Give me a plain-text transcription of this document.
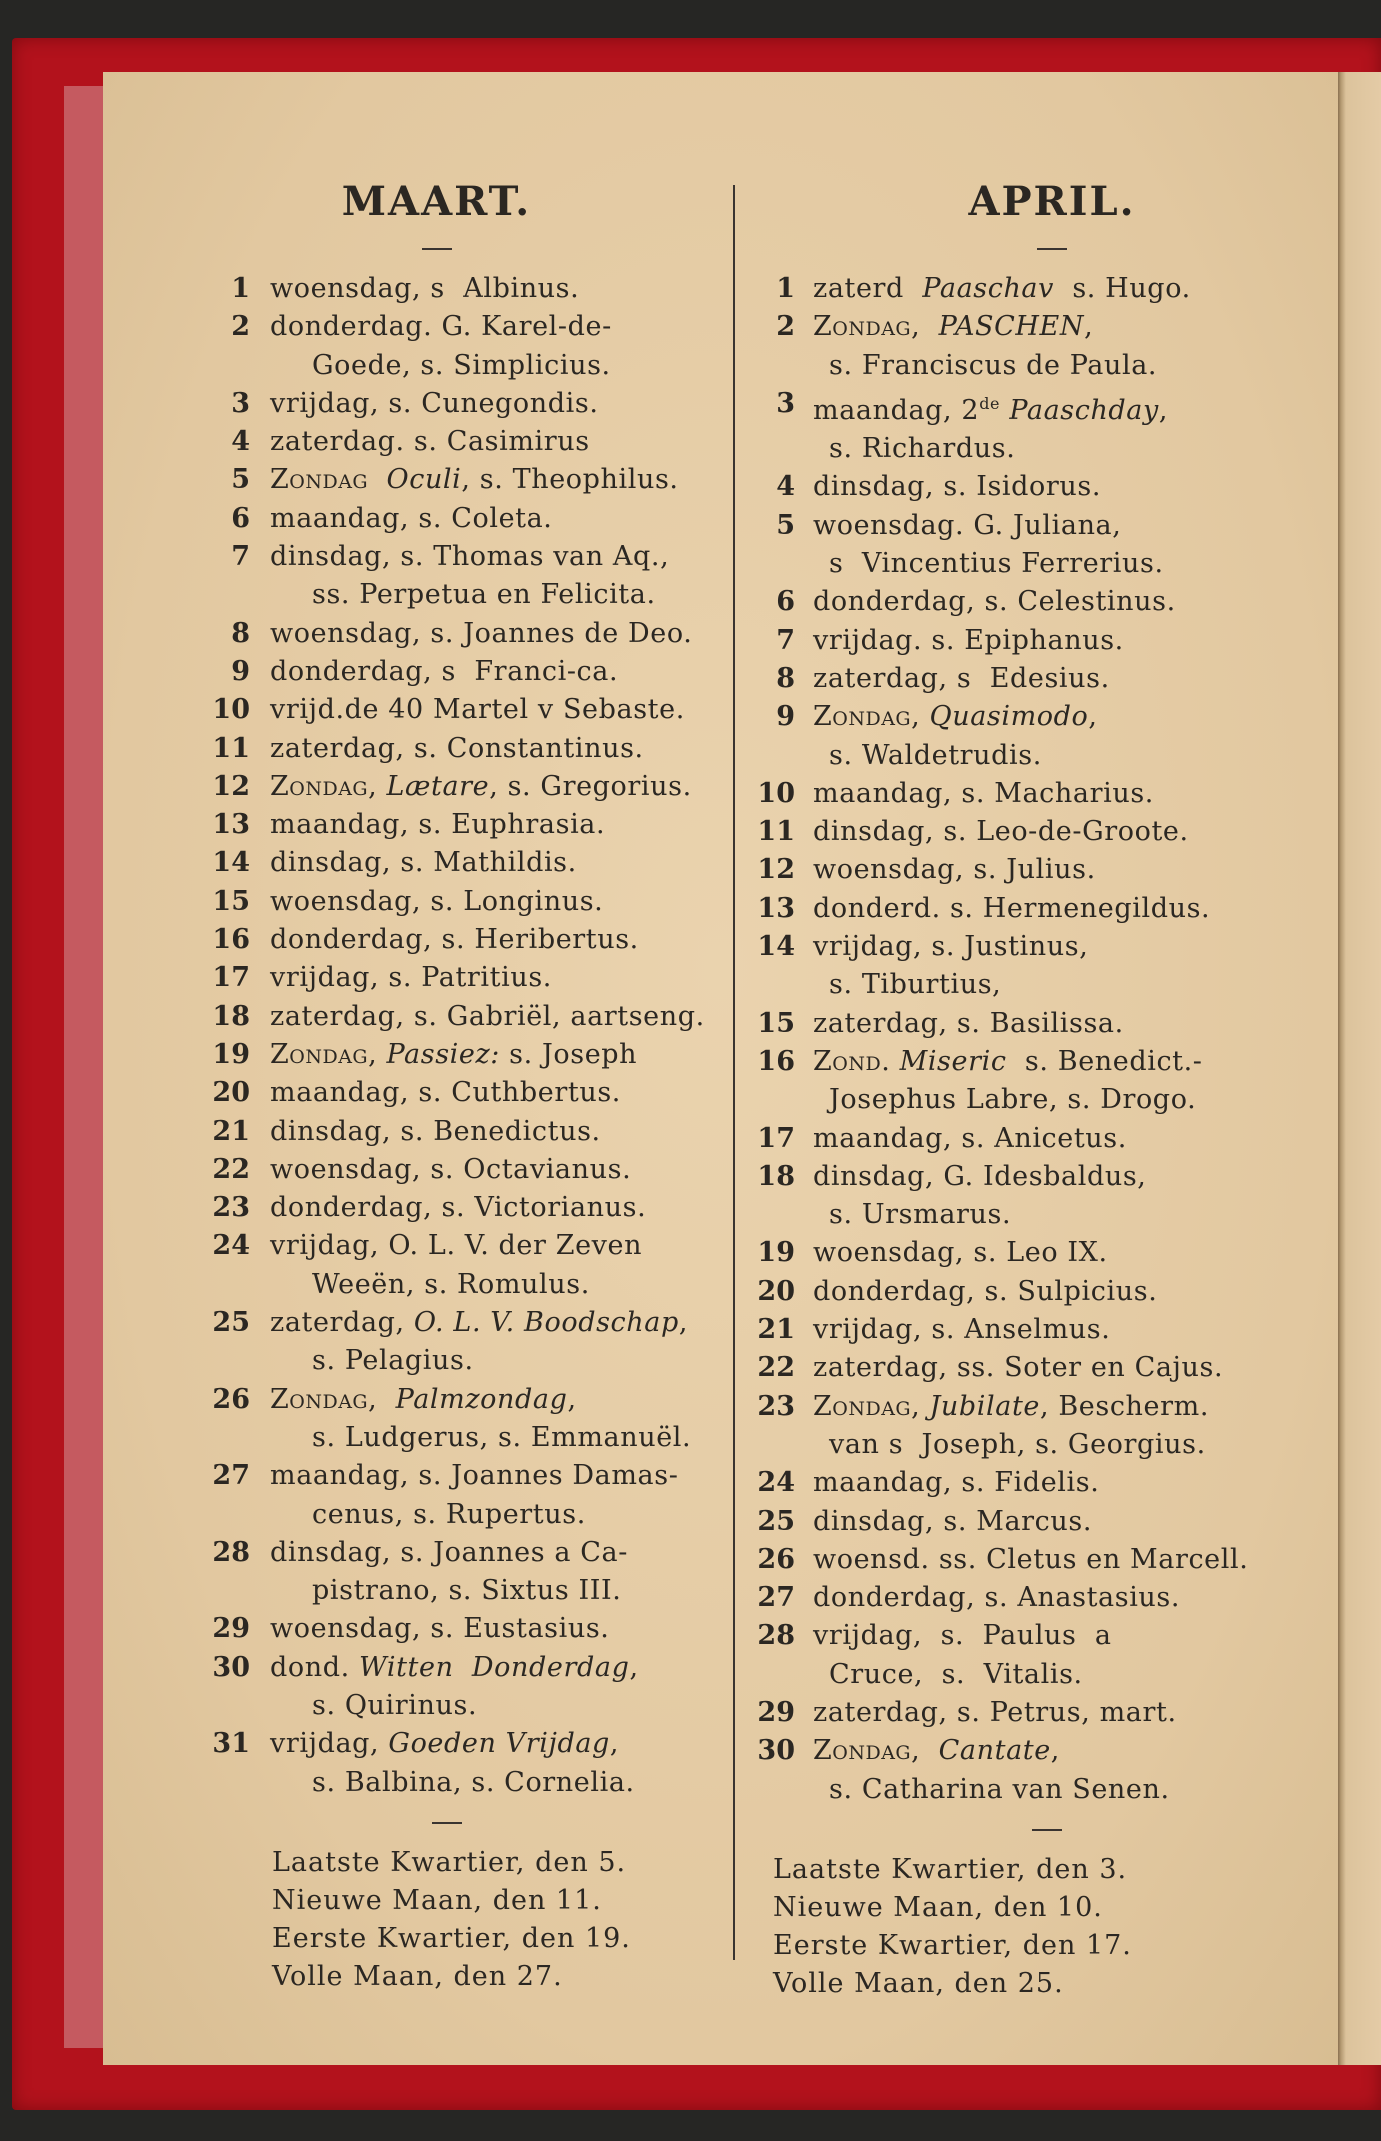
MAART.
1 woensdag, s  Albinus.
2 donderdag. G. Karel-de-
Goede, s. Simplicius.
3 vrijdag, s. Cunegondis.
4 zaterdag. s. Casimirus
5 Zondag Oculi, s. Theophilus.
6 maandag, s. Coleta.
7 dinsdag, s. Thomas van Aq.,
ss. Perpetua en Felicita.
8 woensdag, s. Joannes de Deo.
9 donderdag, s  Franci-ca.
10 vrijd.de 40 Martel v Sebaste.
11 zaterdag, s. Constantinus.
12 Zondag, Lætare, s. Gregorius.
13 maandag, s. Euphrasia.
14 dinsdag, s. Mathildis.
15 woensdag, s. Longinus.
16 donderdag, s. Heribertus.
17 vrijdag, s. Patritius.
18 zaterdag, s. Gabriël, aartseng.
19 Zondag, Passiez: s. Joseph
20 maandag, s. Cuthbertus.
21 dinsdag, s. Benedictus.
22 woensdag, s. Octavianus.
23 donderdag, s. Victorianus.
24 vrijdag, O. L. V. der Zeven
Weeën, s. Romulus.
25 zaterdag, O. L. V. Boodschap,
s. Pelagius.
26 Zondag,  Palmzondag,
s. Ludgerus, s. Emmanuël.
27 maandag, s. Joannes Damas-
cenus, s. Rupertus.
28 dinsdag, s. Joannes a Ca-
pistrano, s. Sixtus III.
29 woensdag, s. Eustasius.
30 dond. Witten  Donderdag,
s. Quirinus.
31 vrijdag, Goeden Vrijdag,
s. Balbina, s. Cornelia.
Laatste Kwartier, den 5.
Nieuwe Maan, den 11.
Eerste Kwartier, den 19.
Volle Maan, den 27.
APRIL.
1 zaterd  Paaschav  s. Hugo.
2 Zondag,  PASCHEN,
s. Franciscus de Paula.
3 maandag, 2de Paaschday,
s. Richardus.
4 dinsdag, s. Isidorus.
5 woensdag. G. Juliana,
s  Vincentius Ferrerius.
6 donderdag, s. Celestinus.
7 vrijdag. s. Epiphanus.
8 zaterdag, s  Edesius.
9 Zondag, Quasimodo,
s. Waldetrudis.
10 maandag, s. Macharius.
11 dinsdag, s. Leo-de-Groote.
12 woensdag, s. Julius.
13 donderd. s. Hermenegildus.
14 vrijdag, s. Justinus,
s. Tiburtius,
15 zaterdag, s. Basilissa.
16 Zond. Miseric  s. Benedict.-
Josephus Labre, s. Drogo.
17 maandag, s. Anicetus.
18 dinsdag, G. Idesbaldus,
s. Ursmarus.
19 woensdag, s. Leo IX.
20 donderdag, s. Sulpicius.
21 vrijdag, s. Anselmus.
22 zaterdag, ss. Soter en Cajus.
23 Zondag, Jubilate, Bescherm.
van s  Joseph, s. Georgius.
24 maandag, s. Fidelis.
25 dinsdag, s. Marcus.
26 woensd. ss. Cletus en Marcell.
27 donderdag, s. Anastasius.
28 vrijdag,  s.  Paulus  a
Cruce,  s.  Vitalis.
29 zaterdag, s. Petrus, mart.
30 Zondag,  Cantate,
s. Catharina van Senen.
Laatste Kwartier, den 3.
Nieuwe Maan, den 10.
Eerste Kwartier, den 17.
Volle Maan, den 25.
